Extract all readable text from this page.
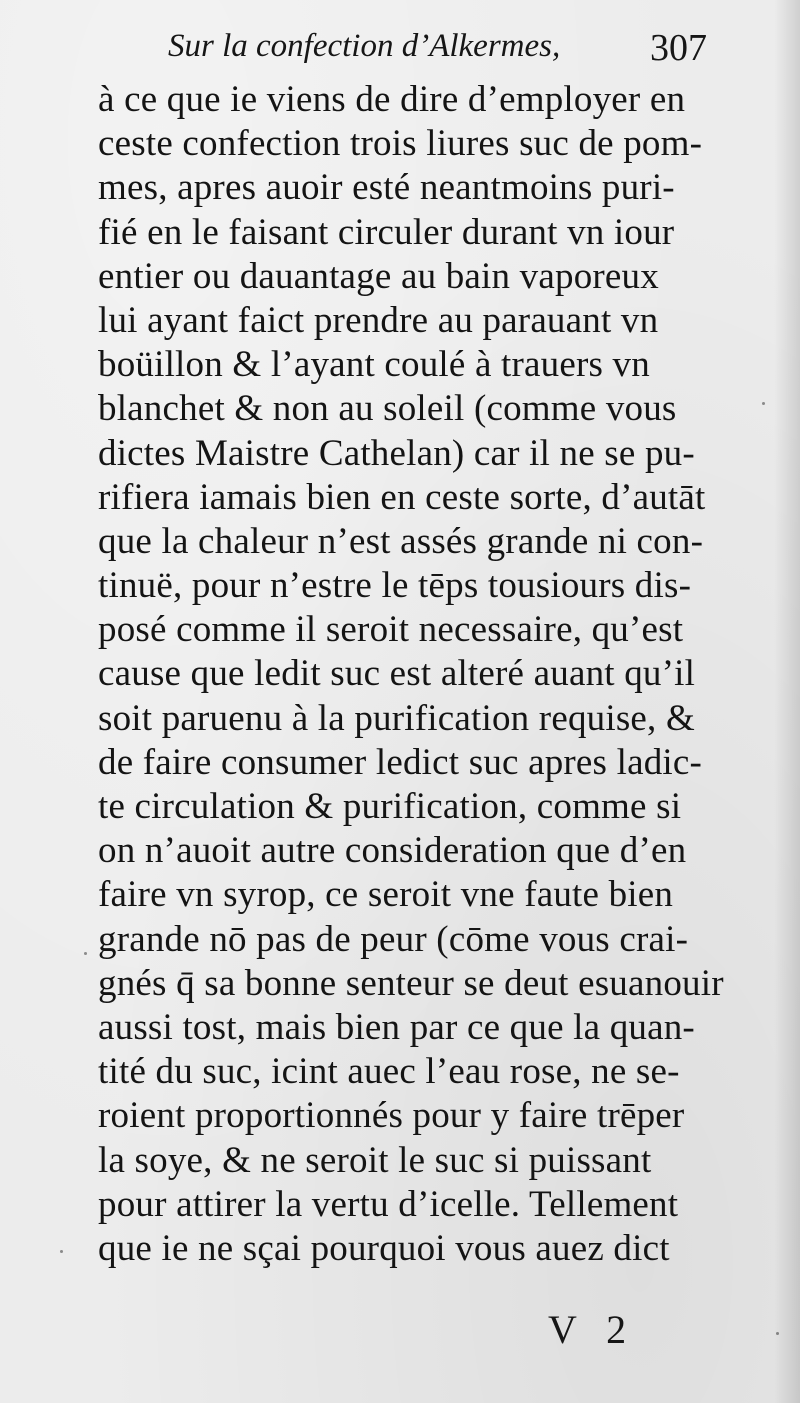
Sur la confection d’Alkermes,	307
à ce que ie viens de dire d’employer en
ceste confection trois liures suc de pom-
mes, apres auoir esté neantmoins puri-
fié en le faisant circuler durant vn iour
entier ou dauantage au bain vaporeux
lui ayant faict prendre au parauant vn
boüillon & l’ayant coulé à trauers vn
blanchet & non au soleil (comme vous
dictes Maistre Cathelan) car il ne se pu-
rifiera iamais bien en ceste sorte, d’autāt
que la chaleur n’est assés grande ni con-
tinuë, pour n’estre le tēps tousiours dis-
posé comme il seroit necessaire, qu’est
cause que ledit suc est alteré auant qu’il
soit paruenu à la purification requise, &
de faire consumer ledict suc apres ladic-
te circulation & purification, comme si
on n’auoit autre consideration que d’en
faire vn syrop, ce seroit vne faute bien
grande nō pas de peur (cōme vous crai-
gnés q̄ sa bonne senteur se deut esuanouir
aussi tost, mais bien par ce que la quan-
tité du suc, icint auec l’eau rose, ne se-
roient proportionnés pour y faire trēper
la soye, & ne seroit le suc si puissant
pour attirer la vertu d’icelle. Tellement
que ie ne sçai pourquoi vous auez dict
V 2
